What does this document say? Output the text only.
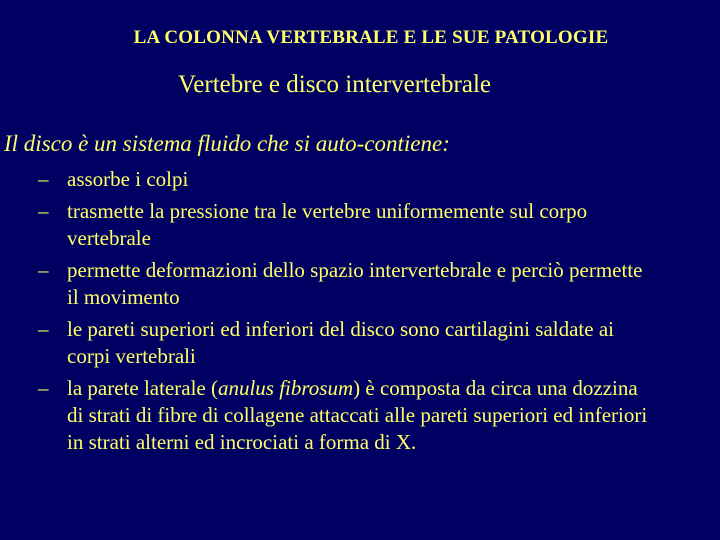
LA COLONNA VERTEBRALE E LE SUE PATOLOGIE
Vertebre e disco intervertebrale
Il disco è un sistema fluido che si auto-contiene:
– assorbe i colpi
– trasmette la pressione tra le vertebre uniformemente sul corpo
vertebrale
– permette deformazioni dello spazio intervertebrale e perciò permette
il movimento
– le pareti superiori ed inferiori del disco sono cartilagini saldate ai
corpi vertebrali
– la parete laterale (anulus fibrosum) è composta da circa una dozzina
di strati di fibre di collagene attaccati alle pareti superiori ed inferiori
in strati alterni ed incrociati a forma di X.
